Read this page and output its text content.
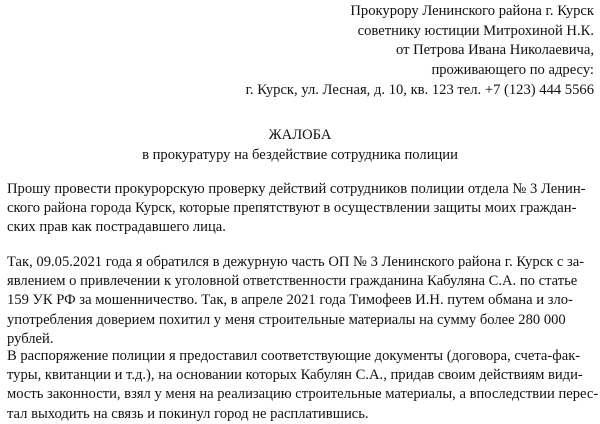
Прокурору Ленинского района г. Курск
советнику юстиции Митрохиной Н.К.
от Петрова Ивана Николаевича,
проживающего по адресу:
г. Курск, ул. Лесная, д. 10, кв. 123 тел. +7 (123) 444 5566
ЖАЛОБА
в прокуратуру на бездействие сотрудника полиции
Прошу провести прокурорскую проверку действий сотрудников полиции отдела № 3 Ленин-
ского района города Курск, которые препятствуют в осуществлении защиты моих граждан-
ских прав как пострадавшего лица.
Так, 09.05.2021 года я обратился в дежурную часть ОП № 3 Ленинского района г. Курск с за-
явлением о привлечении к уголовной ответственности гражданина Кабуляна С.А. по статье
159 УК РФ за мошенничество. Так, в апреле 2021 года Тимофеев И.Н. путем обмана и зло-
употребления доверием похитил у меня строительные материалы на сумму более 280 000
рублей.
В распоряжение полиции я предоставил соответствующие документы (договора, счета-фак-
туры, квитанции и т.д.), на основании которых Кабулян С.А., придав своим действиям види-
мость законности, взял у меня на реализацию строительные материалы, а впоследствии перес-
тал выходить на связь и покинул город не расплатившись.
